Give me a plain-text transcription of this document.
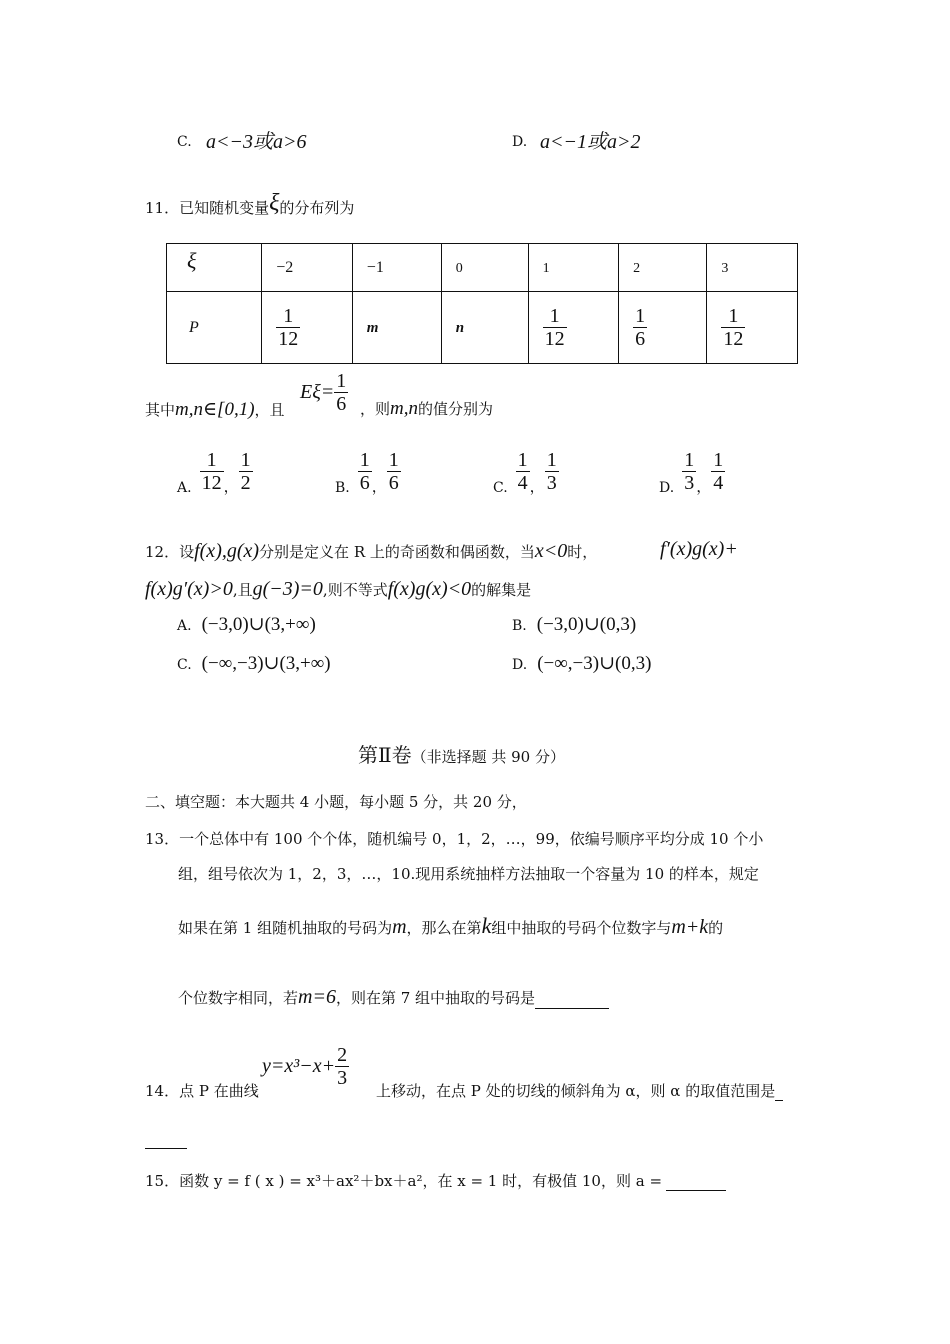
C. a<−3或a>6	D. a<−1或a>2
11．已知随机变量ξ的分布列为
ξ	−2	−1	0	1	2	3
P	$\frac{1}{12}$	m	n	$\frac{1}{12}$	$\frac{1}{6}$	$\frac{1}{12}$
其中m,n∈[0,1)，且
$E\xi= \frac{1}{6}$ ，则m,n的值分别为
A. $\frac{1}{12}$ ， $\frac{1}{2}$	B. $\frac{1}{6}$ ， $\frac{1}{6}$	C. $\frac{1}{4}$ ， $\frac{1}{3}$	D. $\frac{1}{3}$ ， $\frac{1}{4}$
12．设f(x),g(x)分别是定义在 R 上的奇函数和偶函数，当x<0时，	f′(x)g(x)+
f(x)g′(x)>0,且g(−3)=0,则不等式f(x)g(x)<0的解集是
A. (−3,0)∪(3,+∞)	B. (−3,0)∪(0,3)
C. (−∞,−3)∪(3,+∞)	D. (−∞,−3)∪(0,3)
第Ⅱ卷（非选择题 共 90 分）
二、填空题：本大题共 4 小题，每小题 5 分，共 20 分，
13．一个总体中有 100 个个体，随机编号 0，1，2，…，99，依编号顺序平均分成 10 个小
组，组号依次为 1，2，3，…，10.现用系统抽样方法抽取一个容量为 10 的样本，规定
如果在第 1 组随机抽取的号码为m，那么在第k组中抽取的号码个位数字与m+k的
个位数字相同，若m=6，则在第 7 组中抽取的号码是
14．点 P 在曲线
$y=x^3-x+ \frac{2}{3}$
上移动，在点 P 处的切线的倾斜角为 α，则 α 的取值范围是
15．函数 y = f ( x ) = x³＋ax²＋bx＋a²，在 x = 1 时，有极值 10，则 a =
